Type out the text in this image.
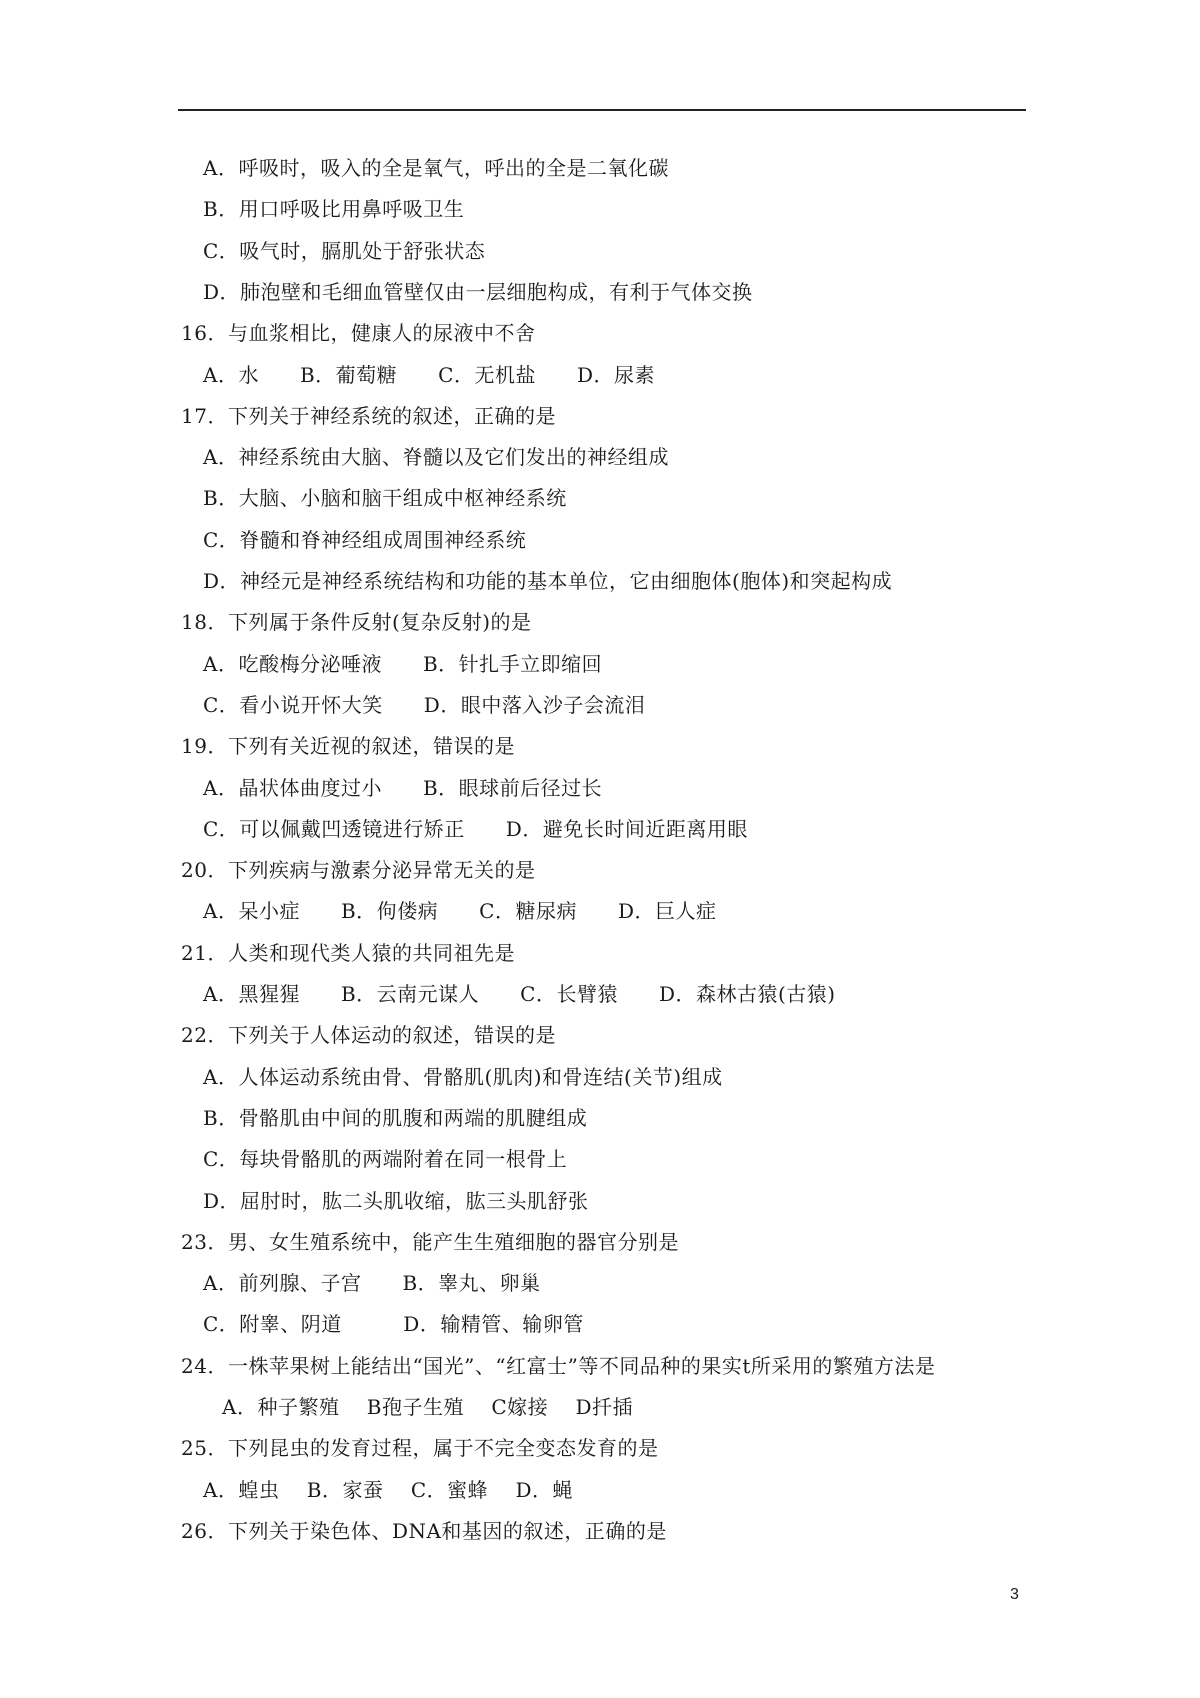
A．呼吸时，吸入的全是氧气，呼出的全是二氧化碳
B．用口呼吸比用鼻呼吸卫生
C．吸气时，膈肌处于舒张状态
D．肺泡壁和毛细血管壁仅由一层细胞构成，有利于气体交换
16．与血浆相比，健康人的尿液中不舍
A．水　　B．葡萄糖　　C．无机盐　　D．尿素
17．下列关于神经系统的叙述，正确的是
A．神经系统由大脑、脊髓以及它们发出的神经组成
B．大脑、小脑和脑干组成中枢神经系统
C．脊髓和脊神经组成周围神经系统
D．神经元是神经系统结构和功能的基本单位，它由细胞体(胞体)和突起构成
18．下列属于条件反射(复杂反射)的是
A．吃酸梅分泌唾液　　B．针扎手立即缩回
C．看小说开怀大笑　　D．眼中落入沙子会流泪
19．下列有关近视的叙述，错误的是
A．晶状体曲度过小　　B．眼球前后径过长
C．可以佩戴凹透镜进行矫正　　D．避免长时间近距离用眼
20．下列疾病与激素分泌异常无关的是
A．呆小症　　B．佝偻病　　C．糖尿病　　D．巨人症
21．人类和现代类人猿的共同祖先是
A．黑猩猩　　B．云南元谋人　　C．长臂猿　　D．森林古猿(古猿)
22．下列关于人体运动的叙述，错误的是
A．人体运动系统由骨、骨骼肌(肌肉)和骨连结(关节)组成
B．骨骼肌由中间的肌腹和两端的肌腱组成
C．每块骨骼肌的两端附着在同一根骨上
D．屈肘时，肱二头肌收缩，肱三头肌舒张
23．男、女生殖系统中，能产生生殖细胞的器官分别是
A．前列腺、子宫　　B．睾丸、卵巢
C．附睾、阴道　　　D．输精管、输卵管
24．一株苹果树上能结出“国光”、“红富士”等不同品种的果实t所采用的繁殖方法是
A．种子繁殖　 B孢子生殖　 C嫁接　 D扦插
25．下列昆虫的发育过程，属于不完全变态发育的是
A．蝗虫　 B．家蚕　 C．蜜蜂　 D．蝇
26．下列关于染色体、DNA和基因的叙述，正确的是
3
